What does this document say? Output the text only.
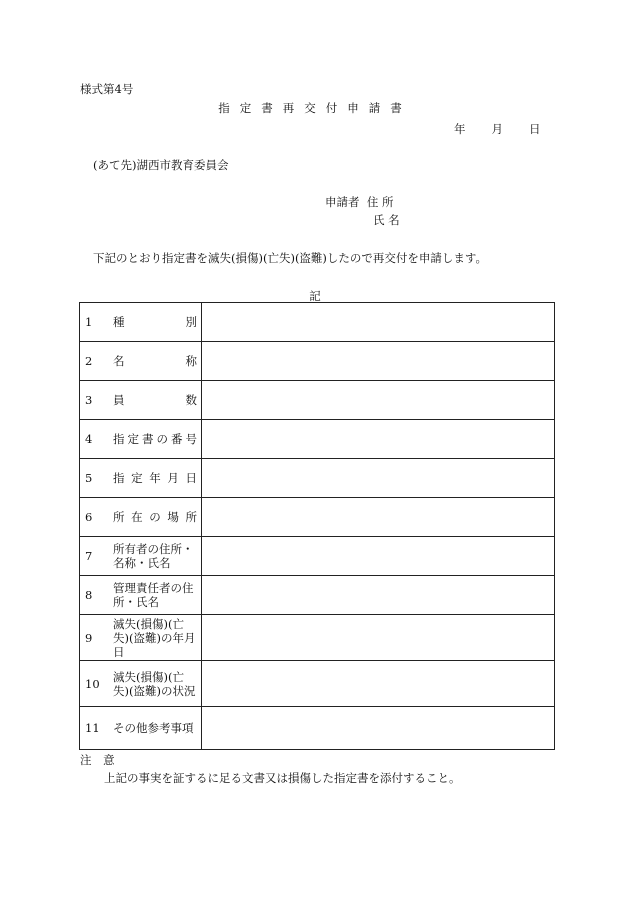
様式第4号
指定書再交付申請書
年 月 日
(あて先)湖西市教育委員会
申請者 住 所
氏 名
下記のとおり指定書を滅失(損傷)(亡失)(盗難)したので再交付を申請します。
記
1 種 別	

2 名 称	

3 員 数	

4 指定書の番号	

5 指定年月日	

6 所在の場所	

7 所有者の住所・名称・氏名	

8 管理責任者の住所・氏名	

9
滅失(損傷)(亡失)(盗難)の年月日	

10 滅失(損傷)(亡失)(盗難)の状況	

11 その他参考事項	

注 意
上記の事実を証するに足る文書又は損傷した指定書を添付すること。
